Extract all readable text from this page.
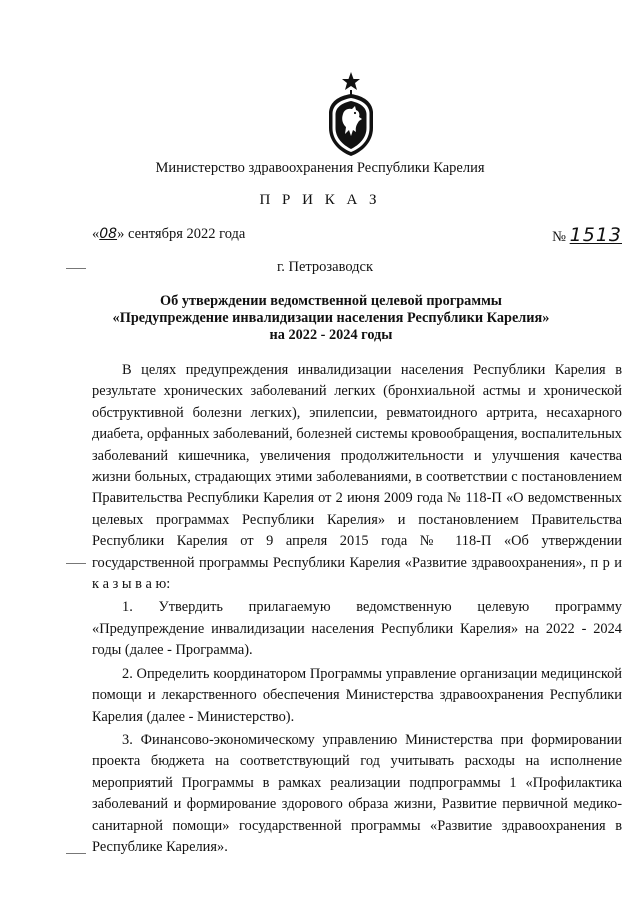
Министерство здравоохранения Республики Карелия
П Р И К А З
«08» сентября 2022 года	№ 1513
г. Петрозаводск
Об утверждении ведомственной целевой программы
«Предупреждение инвалидизации населения Республики Карелия»
на 2022 - 2024 годы

В целях предупреждения инвалидизации населения Республики Карелия в результате хронических заболеваний легких (бронхиальной астмы и хронической обструктивной болезни легких), эпилепсии, ревматоидного артрита, несахарного диабета, орфанных заболеваний, болезней системы кровообращения, воспалительных заболеваний кишечника, увеличения продолжительности и улучшения качества жизни больных, страдающих этими заболеваниями, в соответствии с постановлением Правительства Республики Карелия от 2 июня 2009 года № 118-П «О ведомственных целевых программах Республики Карелия» и постановлением Правительства Республики Карелия от 9 апреля 2015 года № 118-П «Об утверждении государственной программы Республики Карелия «Развитие здравоохранения», п р и к а з ы в а ю:

1. Утвердить прилагаемую ведомственную целевую программу «Предупреждение инвалидизации населения Республики Карелия» на 2022 - 2024 годы (далее - Программа).

2. Определить координатором Программы управление организации медицинской помощи и лекарственного обеспечения Министерства здравоохранения Республики Карелия (далее - Министерство).

3. Финансово-экономическому управлению Министерства при формировании проекта бюджета на соответствующий год учитывать расходы на исполнение мероприятий Программы в рамках реализации подпрограммы 1 «Профилактика заболеваний и формирование здорового образа жизни, Развитие первичной медико-санитарной помощи» государственной программы «Развитие здравоохранения в Республике Карелия».
